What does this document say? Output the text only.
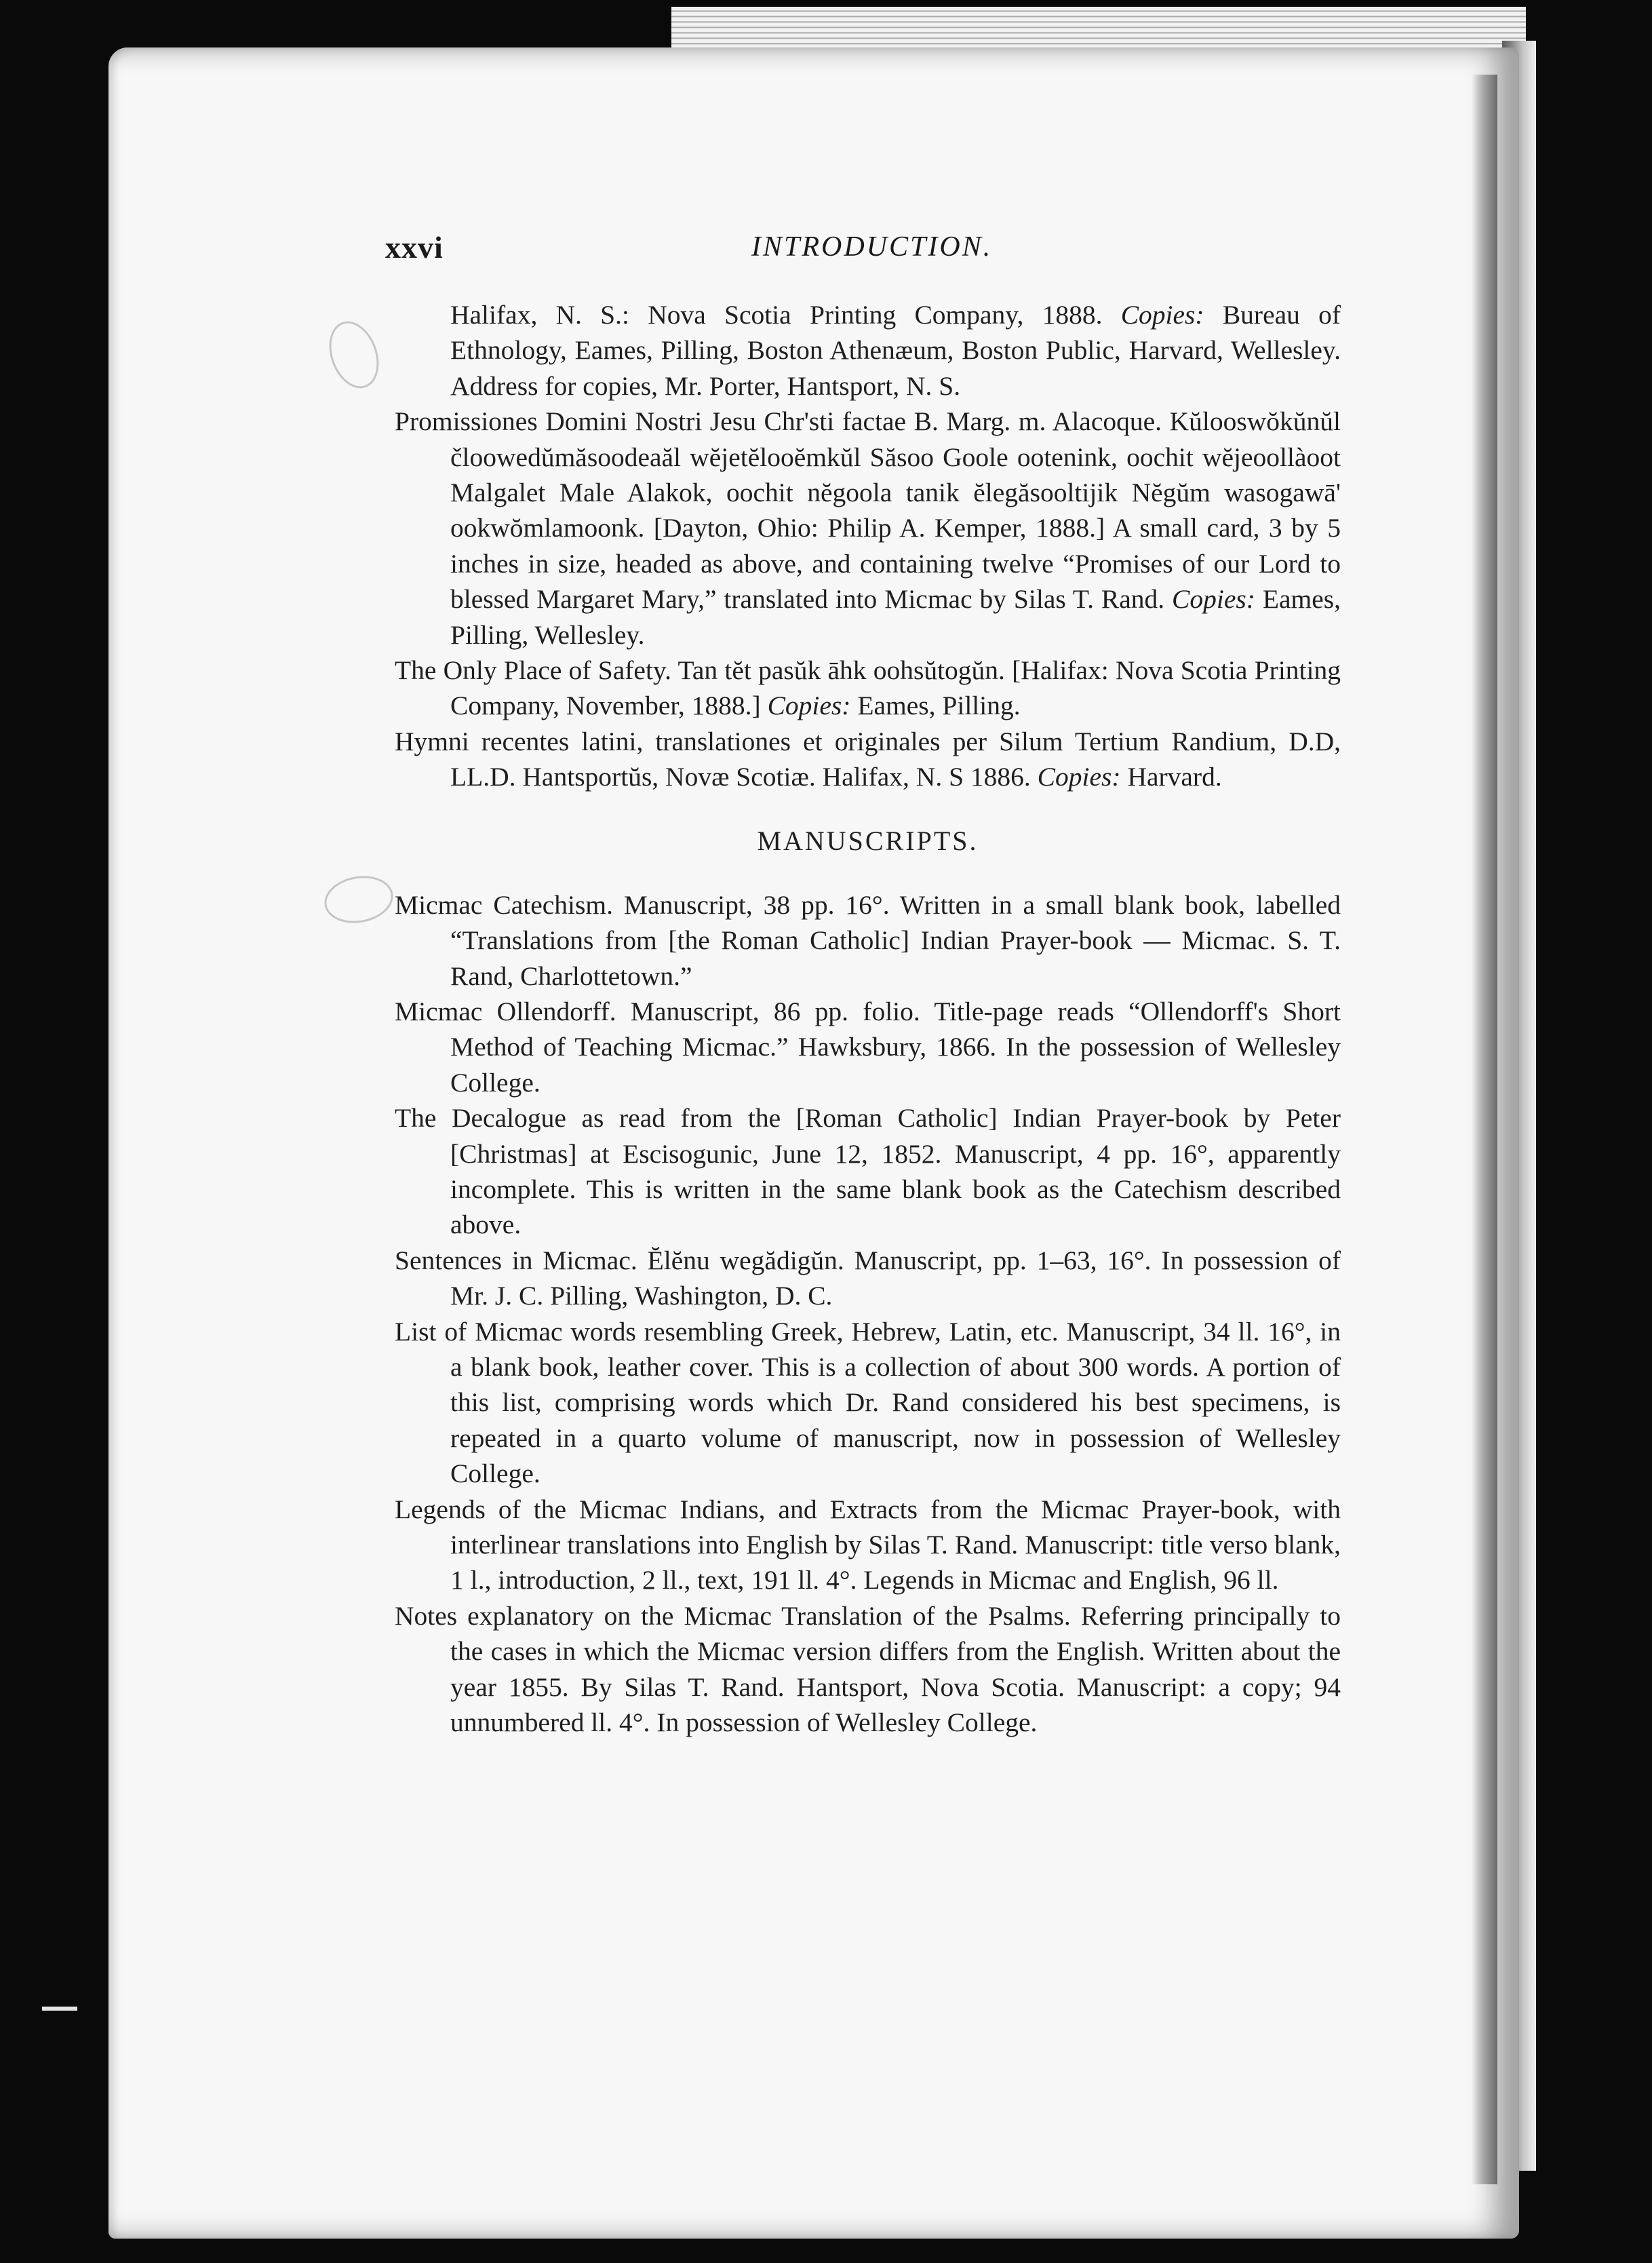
xxvi	INTRODUCTION.

Halifax, N. S.: Nova Scotia Printing Company, 1888. Copies: Bureau of Ethnology, Eames, Pilling, Boston Athenæum, Boston Public, Harvard, Wellesley. Address for copies, Mr. Porter, Hantsport, N. S.

Promissiones Domini Nostri Jesu Chr'sti factae B. Marg. m. Alacoque. Kŭlooswŏkŭnŭl čloowedŭmăsoodeaăl wĕjetĕlooĕmkŭl Săsoo Goole ootenink, oochit wĕjeoollàoot Malgalet Male Alakok, oochit nĕgoola tanik ĕlegăsooltijik Nĕgŭm wasogawā' ookwŏmlamoonk. [Dayton, Ohio: Philip A. Kemper, 1888.] A small card, 3 by 5 inches in size, headed as above, and containing twelve “Promises of our Lord to blessed Margaret Mary,” translated into Micmac by Silas T. Rand. Copies: Eames, Pilling, Wellesley.

The Only Place of Safety. Tan tĕt pasŭk āhk oohsŭtogŭn. [Halifax: Nova Scotia Printing Company, November, 1888.] Copies: Eames, Pilling.

Hymni recentes latini, translationes et originales per Silum Tertium Randium, D.D, LL.D. Hantsportŭs, Novæ Scotiæ. Halifax, N. S 1886. Copies: Harvard.

MANUSCRIPTS.

Micmac Catechism. Manuscript, 38 pp. 16°. Written in a small blank book, labelled “Translations from [the Roman Catholic] Indian Prayer-book — Micmac. S. T. Rand, Charlottetown.”

Micmac Ollendorff. Manuscript, 86 pp. folio. Title-page reads “Ollendorff's Short Method of Teaching Micmac.” Hawksbury, 1866. In the possession of Wellesley College.

The Decalogue as read from the [Roman Catholic] Indian Prayer-book by Peter [Christmas] at Escisogunic, June 12, 1852. Manuscript, 4 pp. 16°, apparently incomplete. This is written in the same blank book as the Catechism described above.

Sentences in Micmac. Ĕlĕnu wegădigŭn. Manuscript, pp. 1–63, 16°. In possession of Mr. J. C. Pilling, Washington, D. C.

List of Micmac words resembling Greek, Hebrew, Latin, etc. Manuscript, 34 ll. 16°, in a blank book, leather cover. This is a collection of about 300 words. A portion of this list, comprising words which Dr. Rand considered his best specimens, is repeated in a quarto volume of manuscript, now in possession of Wellesley College.

Legends of the Micmac Indians, and Extracts from the Micmac Prayer-book, with interlinear translations into English by Silas T. Rand. Manuscript: title verso blank, 1 l., introduction, 2 ll., text, 191 ll. 4°. Legends in Micmac and English, 96 ll.

Notes explanatory on the Micmac Translation of the Psalms. Referring principally to the cases in which the Micmac version differs from the English. Written about the year 1855. By Silas T. Rand. Hantsport, Nova Scotia. Manuscript: a copy; 94 unnumbered ll. 4°. In possession of Wellesley College.
